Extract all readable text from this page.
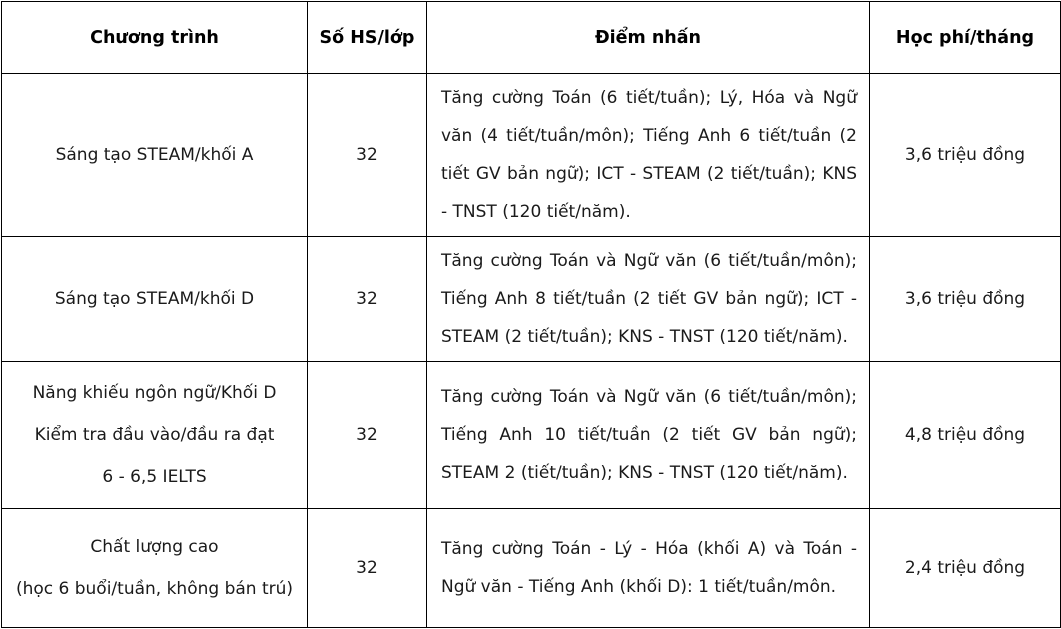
Chương trình	Số HS/lớp	Điểm nhấn	Học phí/tháng

Sáng tạo STEAM/khối A	32	Tăng cường Toán (6 tiết/tuần); Lý, Hóa và Ngữ văn (4 tiết/tuần/môn); Tiếng Anh 6 tiết/tuần (2 tiết GV bản ngữ); ICT - STEAM (2 tiết/tuần); KNS - TNST (120 tiết/năm).	3,6 triệu đồng

Sáng tạo STEAM/khối D	32	Tăng cường Toán và Ngữ văn (6 tiết/tuần/môn); Tiếng Anh 8 tiết/tuần (2 tiết GV bản ngữ); ICT - STEAM (2 tiết/tuần); KNS - TNST (120 tiết/năm).	3,6 triệu đồng

Năng khiếu ngôn ngữ/Khối D
Kiểm tra đầu vào/đầu ra đạt
6 - 6,5 IELTS	32	Tăng cường Toán và Ngữ văn (6 tiết/tuần/môn); Tiếng Anh 10 tiết/tuần (2 tiết GV bản ngữ); STEAM 2 (tiết/tuần); KNS - TNST (120 tiết/năm).	4,8 triệu đồng

Chất lượng cao
(học 6 buổi/tuần, không bán trú)	32	Tăng cường Toán - Lý - Hóa (khối A) và Toán - Ngữ văn - Tiếng Anh (khối D): 1 tiết/tuần/môn.	2,4 triệu đồng
